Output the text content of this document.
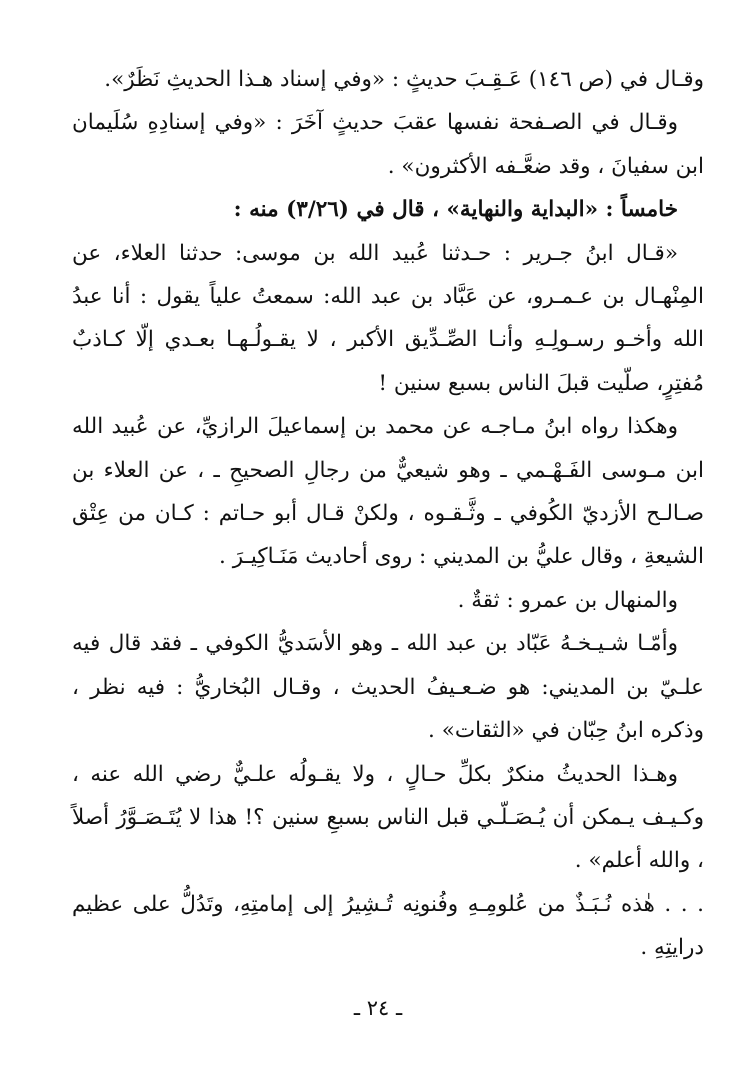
وقـال في (ص ١٤٦) عَـقِـبَ حديثٍ : «وفي إسناد هـذا الحديثِ نَظَرٌ».

وقـال في الصـفحة نفسها عقبَ حديثٍ آخَرَ : «وفي إسنادِهِ سُلَيمان ابن سفيانَ ، وقد ضعَّـفه الأكثرون» .

خامساً : «البداية والنهاية» ، قال في (٣/٢٦) منه :

«قـال ابنُ جـرير : حـدثنا عُبيد الله بن موسى: حدثنا العلاء، عن المِنْهـال بن عـمـرو، عن عَبَّاد بن عبد الله: سمعتُ علياً يقول : أنا عبدُ الله وأخـو رسـولِـهِ وأنـا الصِّـدِّيق الأكبر ، لا يقـولُـهـا بعـدي إلّا كـاذبٌ مُفتِرٍ، صلّيت قبلَ الناس بسبع سنين !

وهكذا رواه ابنُ مـاجـه عن محمد بن إسماعيلَ الرازيِّ، عن عُبيد الله ابن مـوسى الفَـهْـمي ـ وهو شيعيٌّ من رجالِ الصحيحِ ـ ، عن العلاء بن صـالـح الأزديّ الكُوفي ـ وثَّـقـوه ، ولكنْ قـال أبو حـاتم : كـان من عِتْق الشيعةِ ، وقال عليُّ بن المديني : روى أحاديث مَنَـاكِيـرَ .

والمنهال بن عمرو : ثقةٌ .

وأمّـا شـيـخـهُ عَبّاد بن عبد الله ـ وهو الأسَديُّ الكوفي ـ فقد قال فيه علـيّ بن المديني: هو ضـعـيفُ الحديث ، وقـال البُخاريُّ : فيه نظر ، وذكره ابنُ حِبّان في «الثقات» .

وهـذا الحديثُ منكرٌ بكلِّ حـالٍ ، ولا يقـولُه علـيٌّ رضي الله عنه ، وكـيـف يـمكن أن يُـصَـلّـي قبل الناس بسبعِ سنين ؟! هذا لا يُتَـصَـوَّرُ أصلاً ، والله أعلم» .

. . . هٰذه نُـبَـذٌ من عُلومِـهِ وفُنونِه تُـشِيرُ إلى إمامتِهِ، وتَدُلُّ على عظيم درايتِهِ .

ـ ٢٤ ـ
